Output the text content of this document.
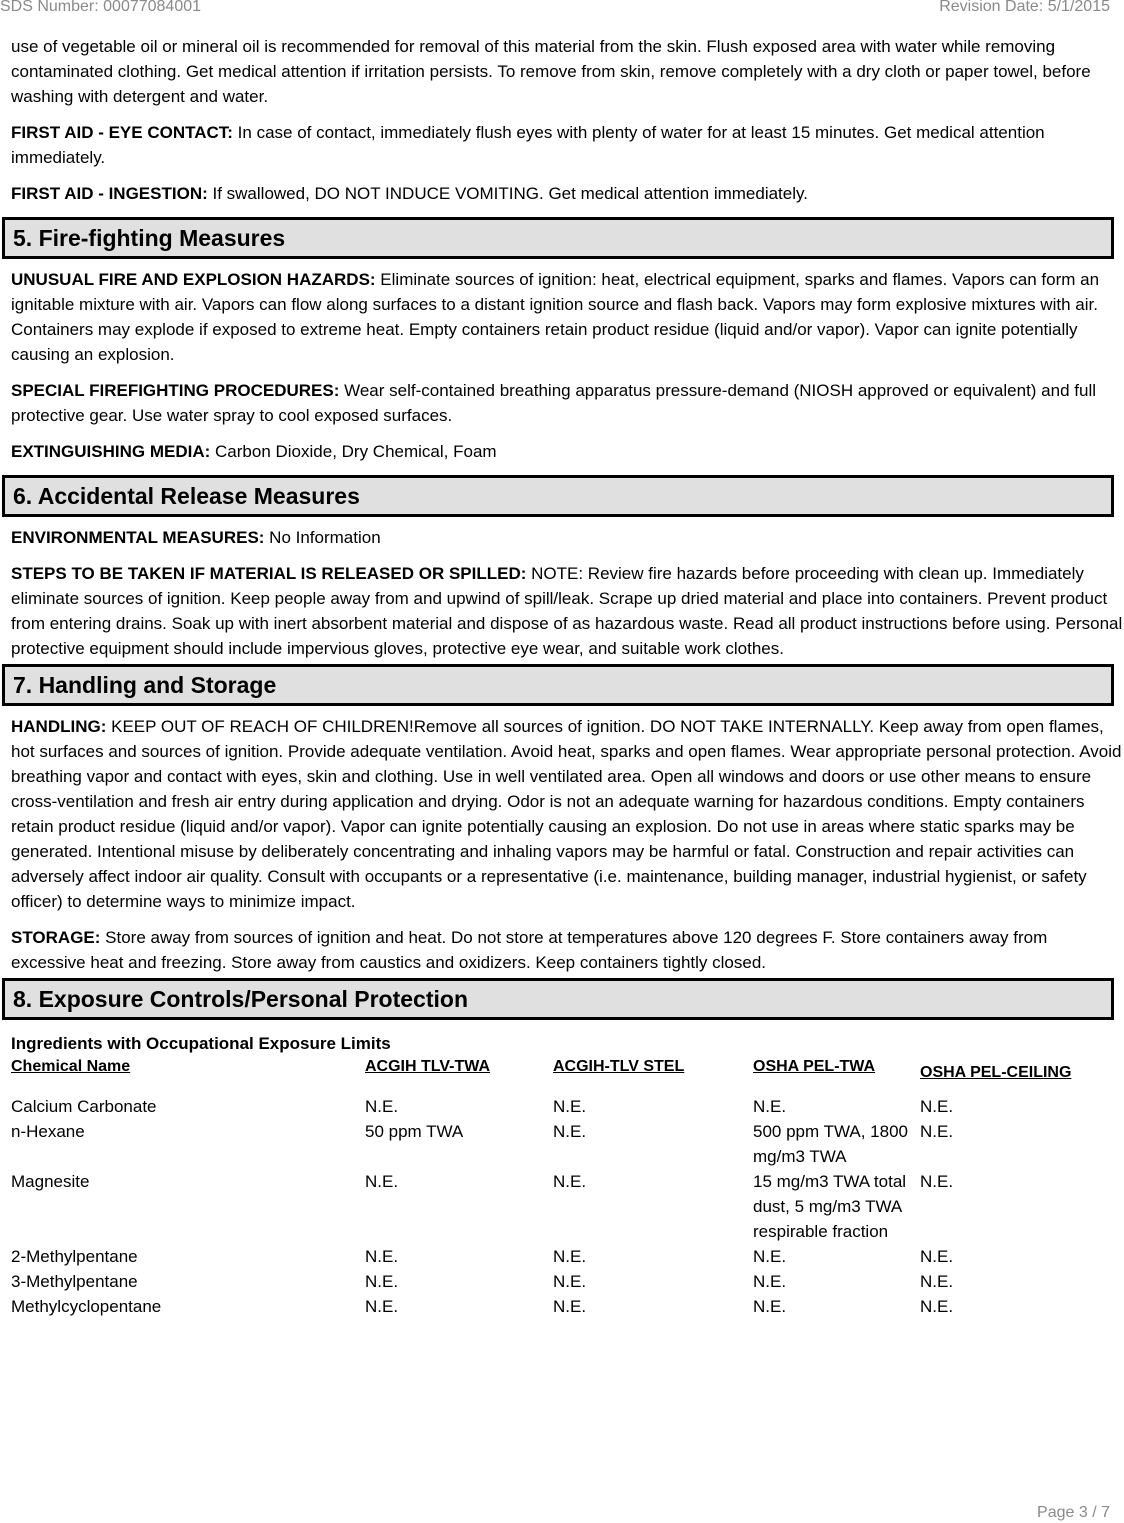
SDS Number: 00077084001	Revision Date: 5/1/2015

use of vegetable oil or mineral oil is recommended for removal of this material from the skin. Flush exposed area with water while removing contaminated clothing. Get medical attention if irritation persists. To remove from skin, remove completely with a dry cloth or paper towel, before washing with detergent and water.

FIRST AID - EYE CONTACT: In case of contact, immediately flush eyes with plenty of water for at least 15 minutes. Get medical attention immediately.

FIRST AID - INGESTION: If swallowed, DO NOT INDUCE VOMITING. Get medical attention immediately.

5. Fire-fighting Measures

UNUSUAL FIRE AND EXPLOSION HAZARDS: Eliminate sources of ignition: heat, electrical equipment, sparks and flames. Vapors can form an ignitable mixture with air. Vapors can flow along surfaces to a distant ignition source and flash back. Vapors may form explosive mixtures with air. Containers may explode if exposed to extreme heat. Empty containers retain product residue (liquid and/or vapor). Vapor can ignite potentially causing an explosion.

SPECIAL FIREFIGHTING PROCEDURES: Wear self-contained breathing apparatus pressure-demand (NIOSH approved or equivalent) and full protective gear. Use water spray to cool exposed surfaces.

EXTINGUISHING MEDIA: Carbon Dioxide, Dry Chemical, Foam

6. Accidental Release Measures

ENVIRONMENTAL MEASURES: No Information

STEPS TO BE TAKEN IF MATERIAL IS RELEASED OR SPILLED: NOTE: Review fire hazards before proceeding with clean up. Immediately eliminate sources of ignition. Keep people away from and upwind of spill/leak. Scrape up dried material and place into containers. Prevent product from entering drains. Soak up with inert absorbent material and dispose of as hazardous waste. Read all product instructions before using. Personal protective equipment should include impervious gloves, protective eye wear, and suitable work clothes.

7. Handling and Storage

HANDLING: KEEP OUT OF REACH OF CHILDREN!Remove all sources of ignition. DO NOT TAKE INTERNALLY. Keep away from open flames, hot surfaces and sources of ignition. Provide adequate ventilation. Avoid heat, sparks and open flames. Wear appropriate personal protection. Avoid breathing vapor and contact with eyes, skin and clothing. Use in well ventilated area. Open all windows and doors or use other means to ensure cross-ventilation and fresh air entry during application and drying. Odor is not an adequate warning for hazardous conditions. Empty containers retain product residue (liquid and/or vapor). Vapor can ignite potentially causing an explosion. Do not use in areas where static sparks may be generated. Intentional misuse by deliberately concentrating and inhaling vapors may be harmful or fatal. Construction and repair activities can adversely affect indoor air quality. Consult with occupants or a representative (i.e. maintenance, building manager, industrial hygienist, or safety officer) to determine ways to minimize impact.

STORAGE: Store away from sources of ignition and heat. Do not store at temperatures above 120 degrees F. Store containers away from excessive heat and freezing. Store away from caustics and oxidizers. Keep containers tightly closed.

8. Exposure Controls/Personal Protection
Ingredients with Occupational Exposure Limits
Chemical Name	ACGIH TLV-TWA	ACGIH-TLV STEL	OSHA PEL-TWA	OSHA PEL-CEILING

Calcium Carbonate	N.E.	N.E.	N.E.	N.E.
n-Hexane	50 ppm TWA	N.E.	500 ppm TWA, 1800 mg/m3 TWA	N.E.
Magnesite	N.E.	N.E.	15 mg/m3 TWA total dust, 5 mg/m3 TWA respirable fraction	N.E.
2-Methylpentane	N.E.	N.E.	N.E.	N.E.
3-Methylpentane	N.E.	N.E.	N.E.	N.E.
Methylcyclopentane	N.E.	N.E.	N.E.	N.E.
Page 3 / 7
